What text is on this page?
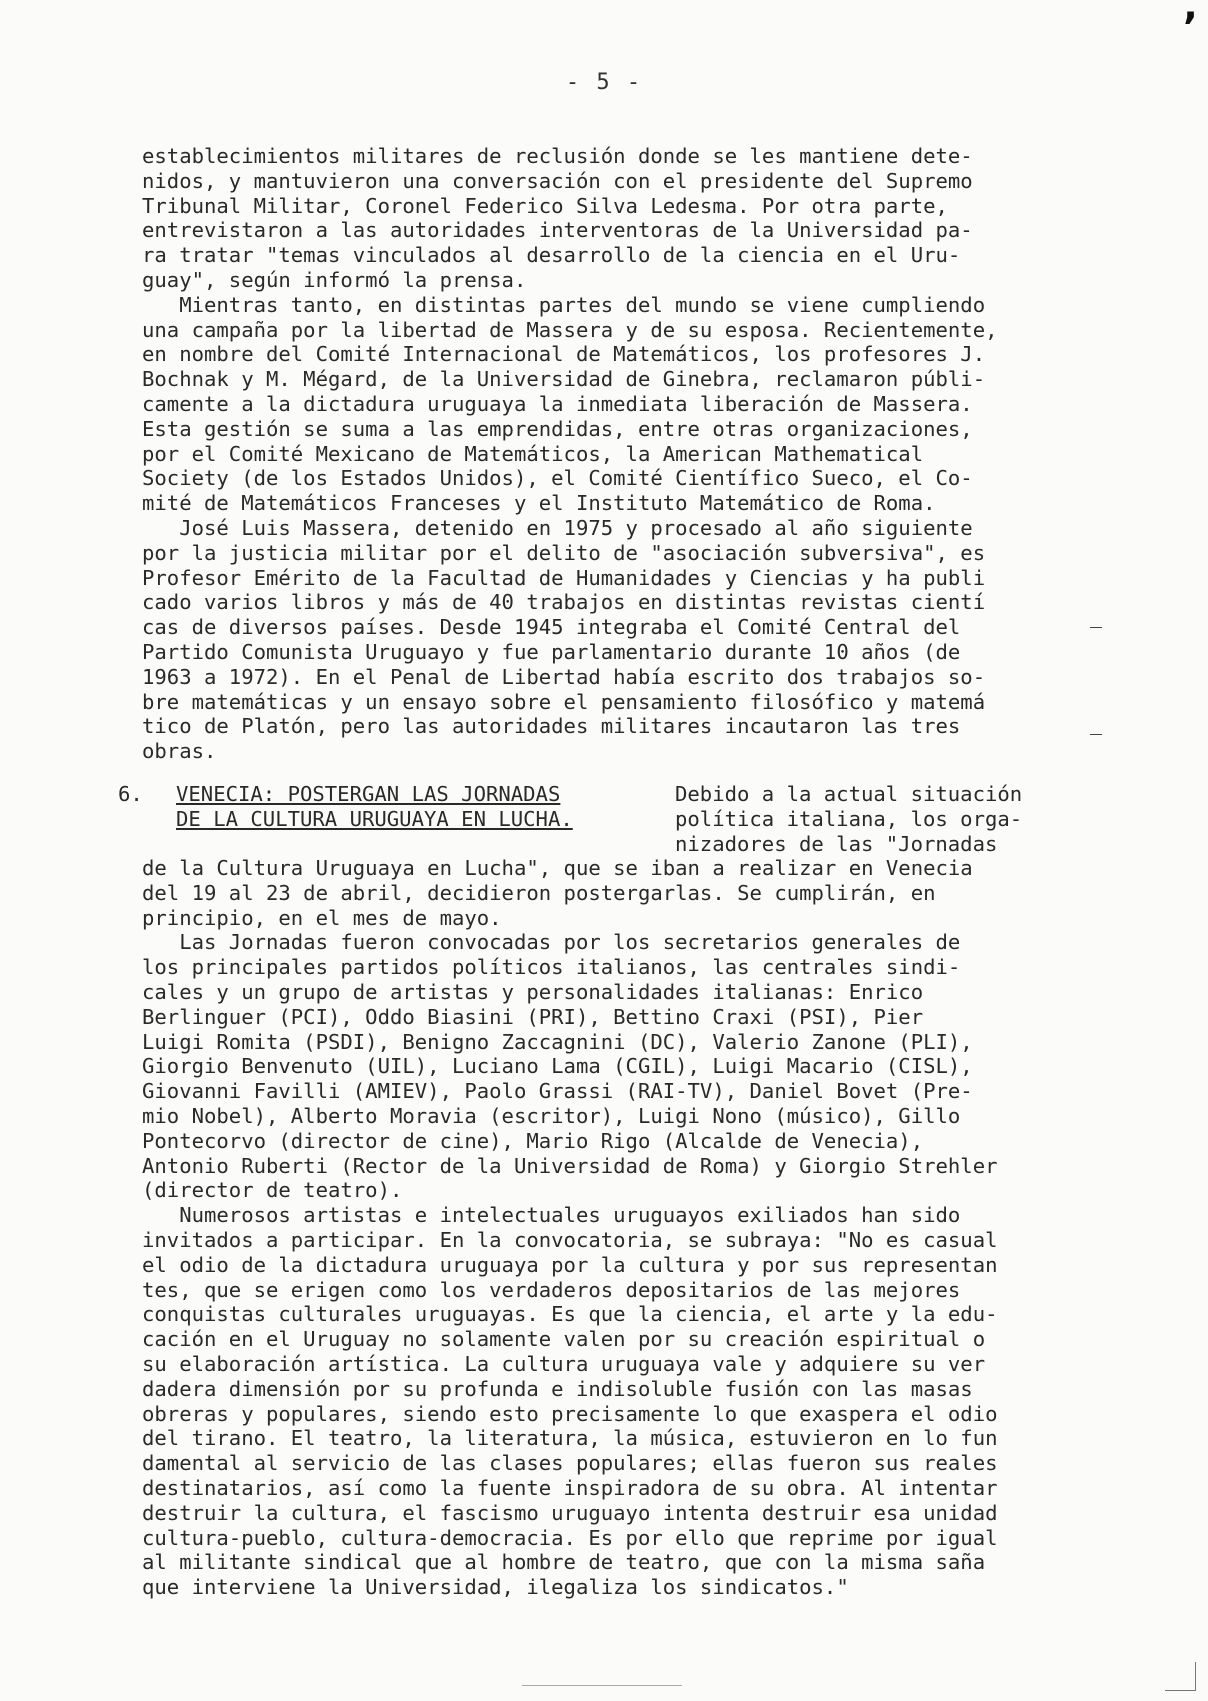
’
- 5 -
establecimientos militares de reclusión donde se les mantiene dete-
nidos, y mantuvieron una conversación con el presidente del Supremo
Tribunal Militar, Coronel Federico Silva Ledesma. Por otra parte,
entrevistaron a las autoridades interventoras de la Universidad pa-
ra tratar "temas vinculados al desarrollo de la ciencia en el Uru-
guay", según informó la prensa.
Mientras tanto, en distintas partes del mundo se viene cumpliendo
una campaña por la libertad de Massera y de su esposa. Recientemente,
en nombre del Comité Internacional de Matemáticos, los profesores J.
Bochnak y M. Mégard, de la Universidad de Ginebra, reclamaron públi-
camente a la dictadura uruguaya la inmediata liberación de Massera.
Esta gestión se suma a las emprendidas, entre otras organizaciones,
por el Comité Mexicano de Matemáticos, la American Mathematical
Society (de los Estados Unidos), el Comité Científico Sueco, el Co-
mité de Matemáticos Franceses y el Instituto Matemático de Roma.
José Luis Massera, detenido en 1975 y procesado al año siguiente
por la justicia militar por el delito de "asociación subversiva", es
Profesor Emérito de la Facultad de Humanidades y Ciencias y ha publi
cado varios libros y más de 40 trabajos en distintas revistas cientí
cas de diversos países. Desde 1945 integraba el Comité Central del
Partido Comunista Uruguayo y fue parlamentario durante 10 años (de
1963 a 1972). En el Penal de Libertad había escrito dos trabajos so-
bre matemáticas y un ensayo sobre el pensamiento filosófico y matemá
tico de Platón, pero las autoridades militares incautaron las tres
obras.
6. VENECIA: POSTERGAN LAS JORNADAS
DE LA CULTURA URUGUAYA EN LUCHA.
Debido a la actual situación
política italiana, los orga-
nizadores de las "Jornadas
de la Cultura Uruguaya en Lucha", que se iban a realizar en Venecia
del 19 al 23 de abril, decidieron postergarlas. Se cumplirán, en
principio, en el mes de mayo.
Las Jornadas fueron convocadas por los secretarios generales de
los principales partidos políticos italianos, las centrales sindi-
cales y un grupo de artistas y personalidades italianas: Enrico
Berlinguer (PCI), Oddo Biasini (PRI), Bettino Craxi (PSI), Pier
Luigi Romita (PSDI), Benigno Zaccagnini (DC), Valerio Zanone (PLI),
Giorgio Benvenuto (UIL), Luciano Lama (CGIL), Luigi Macario (CISL),
Giovanni Favilli (AMIEV), Paolo Grassi (RAI-TV), Daniel Bovet (Pre-
mio Nobel), Alberto Moravia (escritor), Luigi Nono (músico), Gillo
Pontecorvo (director de cine), Mario Rigo (Alcalde de Venecia),
Antonio Ruberti (Rector de la Universidad de Roma) y Giorgio Strehler
(director de teatro).
Numerosos artistas e intelectuales uruguayos exiliados han sido
invitados a participar. En la convocatoria, se subraya: "No es casual
el odio de la dictadura uruguaya por la cultura y por sus representan
tes, que se erigen como los verdaderos depositarios de las mejores
conquistas culturales uruguayas. Es que la ciencia, el arte y la edu-
cación en el Uruguay no solamente valen por su creación espiritual o
su elaboración artística. La cultura uruguaya vale y adquiere su ver
dadera dimensión por su profunda e indisoluble fusión con las masas
obreras y populares, siendo esto precisamente lo que exaspera el odio
del tirano. El teatro, la literatura, la música, estuvieron en lo fun
damental al servicio de las clases populares; ellas fueron sus reales
destinatarios, así como la fuente inspiradora de su obra. Al intentar
destruir la cultura, el fascismo uruguayo intenta destruir esa unidad
cultura-pueblo, cultura-democracia. Es por ello que reprime por igual
al militante sindical que al hombre de teatro, que con la misma saña
que interviene la Universidad, ilegaliza los sindicatos."
